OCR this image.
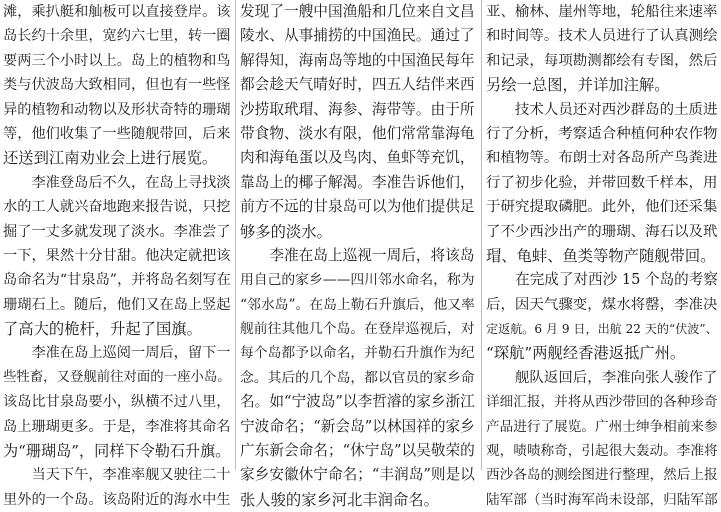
滩，乘扒艇和舢板可以直接登岸。该
岛长约十余里，宽约六七里，转一圈
要两三个小时以上。岛上的植物和鸟
类与伏波岛大致相同，但也有一些怪
异的植物和动物以及形状奇特的珊瑚
等，他们收集了一些随舰带回，后来
还送到江南劝业会上进行展览。
　　李准登岛后不久，在岛上寻找淡
水的工人就兴奋地跑来报告说，只挖
掘了一丈多就发现了淡水。李准尝了
一下，果然十分甘甜。他决定就把该
岛命名为“甘泉岛”，并将岛名刻写在
珊瑚石上。随后，他们又在岛上竖起
了高大的桅杆，升起了国旗。
　　李准在岛上巡阅一周后，留下一
些牲畜，又登舰前往对面的一座小岛。
该岛比甘泉岛要小，纵横不过八里，
岛上珊瑚更多。于是，李准将其命名
为“珊瑚岛”，同样下令勒石升旗。
　　当天下午，李准率舰又驶往二十
里外的一个岛。该岛附近的海水中生
发现了一艘中国渔船和几位来自文昌
陵水、从事捕捞的中国渔民。通过了
解得知，海南岛等地的中国渔民每年
都会趁天气晴好时，四五人结伴来西
沙捞取玳瑁、海参、海带等。由于所
带食物、淡水有限，他们常常靠海龟
肉和海龟蛋以及鸟肉、鱼虾等充饥，
靠岛上的椰子解渴。李准告诉他们，
前方不远的甘泉岛可以为他们提供足
够多的淡水。
　　李准在岛上巡视一周后，将该岛
用自己的家乡——四川邻水命名，称为
“邻水岛”。在岛上勒石升旗后，他又率
舰前往其他几个岛。在登岸巡视后，对
每个岛都予以命名，并勒石升旗作为纪
念。其后的几个岛，都以官员的家乡命
名。如“宁波岛”以李哲濬的家乡浙江
宁波命名；“新会岛”以林国祥的家乡
广东新会命名；“休宁岛”以吴敬荣的
家乡安徽休宁命名；“丰润岛”则是以
张人骏的家乡河北丰润命名。
亚、榆林、崖州等地，轮船往来速率
和时间等。技术人员进行了认真测绘
和记录，每项勘测都绘有专图，然后
另绘一总图，并详加注解。
　　技术人员还对西沙群岛的土质进
行了分析，考察适合种植何种农作物
和植物等。布朗士对各岛所产鸟粪进
行了初步化验，并带回数千样本，用
于研究提取磷肥。此外，他们还采集
了不少西沙出产的珊瑚、海石以及玳
瑁、龟蚌、鱼类等物产随舰带回。
　　在完成了对西沙 15 个岛的考察
后，因天气骤变，煤水将罄，李准决
定返航。6 月 9 日，出航 22 天的“伏波”、
“琛航”两舰经香港返抵广州。
　　舰队返回后，李准向张人骏作了
详细汇报，并将从西沙带回的各种珍奇
产品进行了展览。广州士绅争相前来参
观，啧啧称奇，引起很大轰动。李准将
西沙各岛的测绘图进行整理，然后上报
陆军部（当时海军尚未设部，归陆军部
